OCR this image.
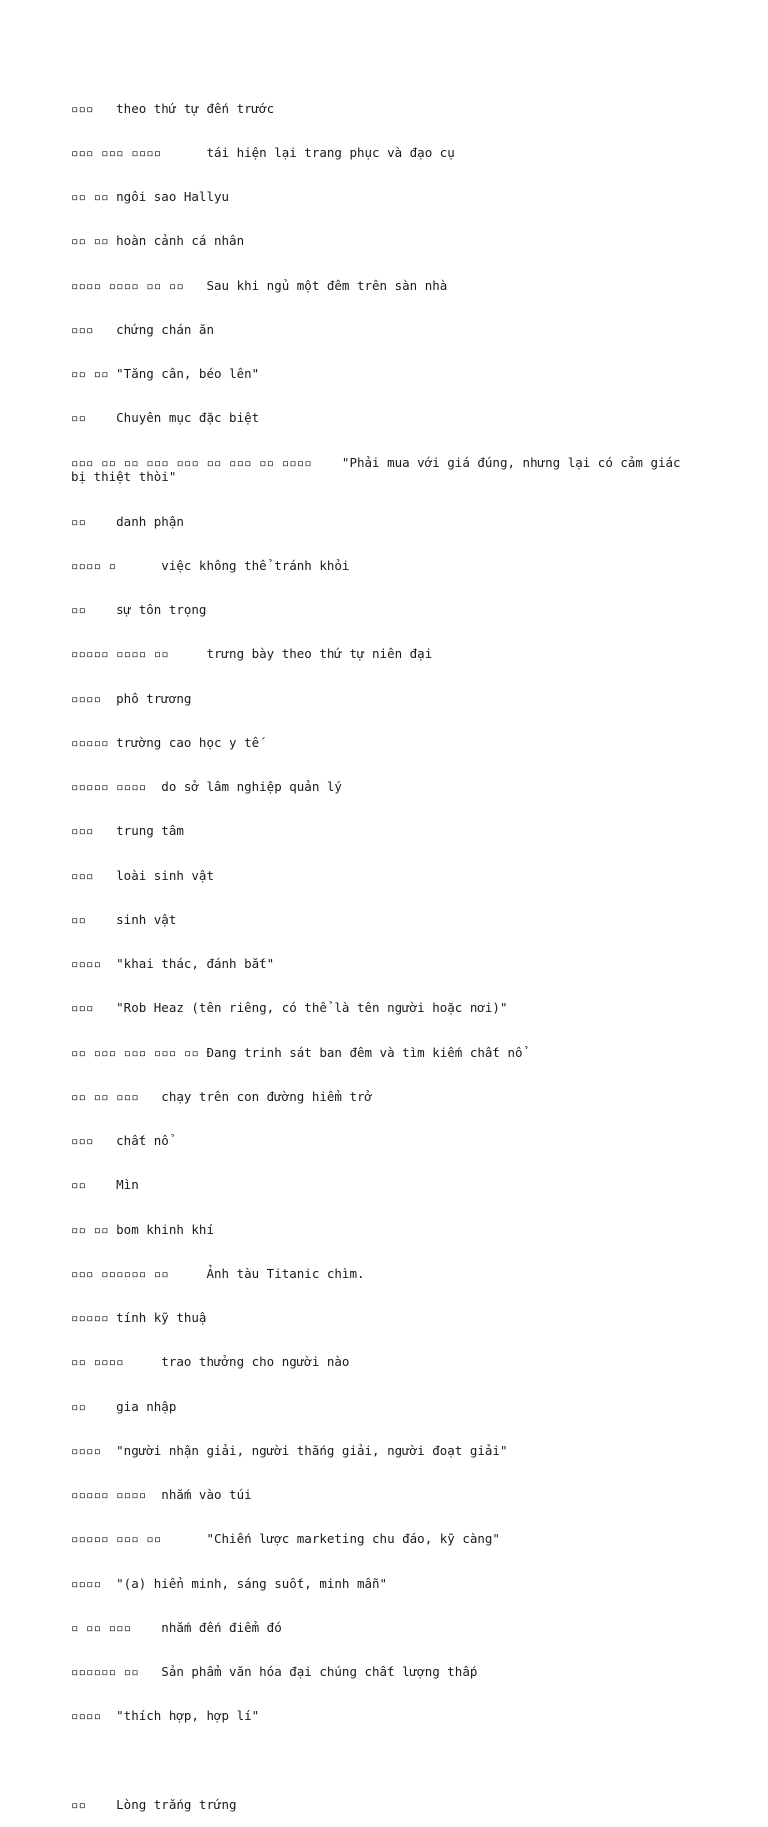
▫▫▫   theo thứ tự đến trước

▫▫▫ ▫▫▫ ▫▫▫▫      tái hiện lại trang phục và đạo cụ

▫▫ ▫▫ ngôi sao Hallyu

▫▫ ▫▫ hoàn cảnh cá nhân

▫▫▫▫ ▫▫▫▫ ▫▫ ▫▫   Sau khi ngủ một đêm trên sàn nhà

▫▫▫   chứng chán ăn

▫▫ ▫▫ "Tăng cân, béo lên"

▫▫    Chuyên mục đặc biệt

▫▫▫ ▫▫ ▫▫ ▫▫▫ ▫▫▫ ▫▫ ▫▫▫ ▫▫ ▫▫▫▫    "Phải mua với giá đúng, nhưng lại có cảm giác bị thiệt thòi"

▫▫    danh phận

▫▫▫▫ ▫      việc không thể tránh khỏi

▫▫    sự tôn trọng

▫▫▫▫▫ ▫▫▫▫ ▫▫     trưng bày theo thứ tự niên đại

▫▫▫▫  phô trương

▫▫▫▫▫ trường cao học y tế

▫▫▫▫▫ ▫▫▫▫  do sở lâm nghiệp quản lý

▫▫▫   trung tâm

▫▫▫   loài sinh vật

▫▫    sinh vật

▫▫▫▫  "khai thác, đánh bắt"

▫▫▫   "Rob Heaz (tên riêng, có thể là tên người hoặc nơi)"

▫▫ ▫▫▫ ▫▫▫ ▫▫▫ ▫▫ Đang trinh sát ban đêm và tìm kiếm chất nổ

▫▫ ▫▫ ▫▫▫   chạy trên con đường hiểm trở

▫▫▫   chất nổ

▫▫    Mìn

▫▫ ▫▫ bom khinh khí

▫▫▫ ▫▫▫▫▫▫ ▫▫     Ảnh tàu Titanic chìm.

▫▫▫▫▫ tính kỹ thuậ

▫▫ ▫▫▫▫     trao thưởng cho người nào

▫▫    gia nhập

▫▫▫▫  "người nhận giải, người thắng giải, người đoạt giải"

▫▫▫▫▫ ▫▫▫▫  nhắm vào túi

▫▫▫▫▫ ▫▫▫ ▫▫      "Chiến lược marketing chu đáo, kỹ càng"

▫▫▫▫  "(a) hiển minh, sáng suốt, minh mẫn"

▫ ▫▫ ▫▫▫    nhắm đến điểm đó

▫▫▫▫▫▫ ▫▫   Sản phẩm văn hóa đại chúng chất lượng thấp

▫▫▫▫  "thích hợp, hợp lí"

▫▫    Lòng trắng trứng
